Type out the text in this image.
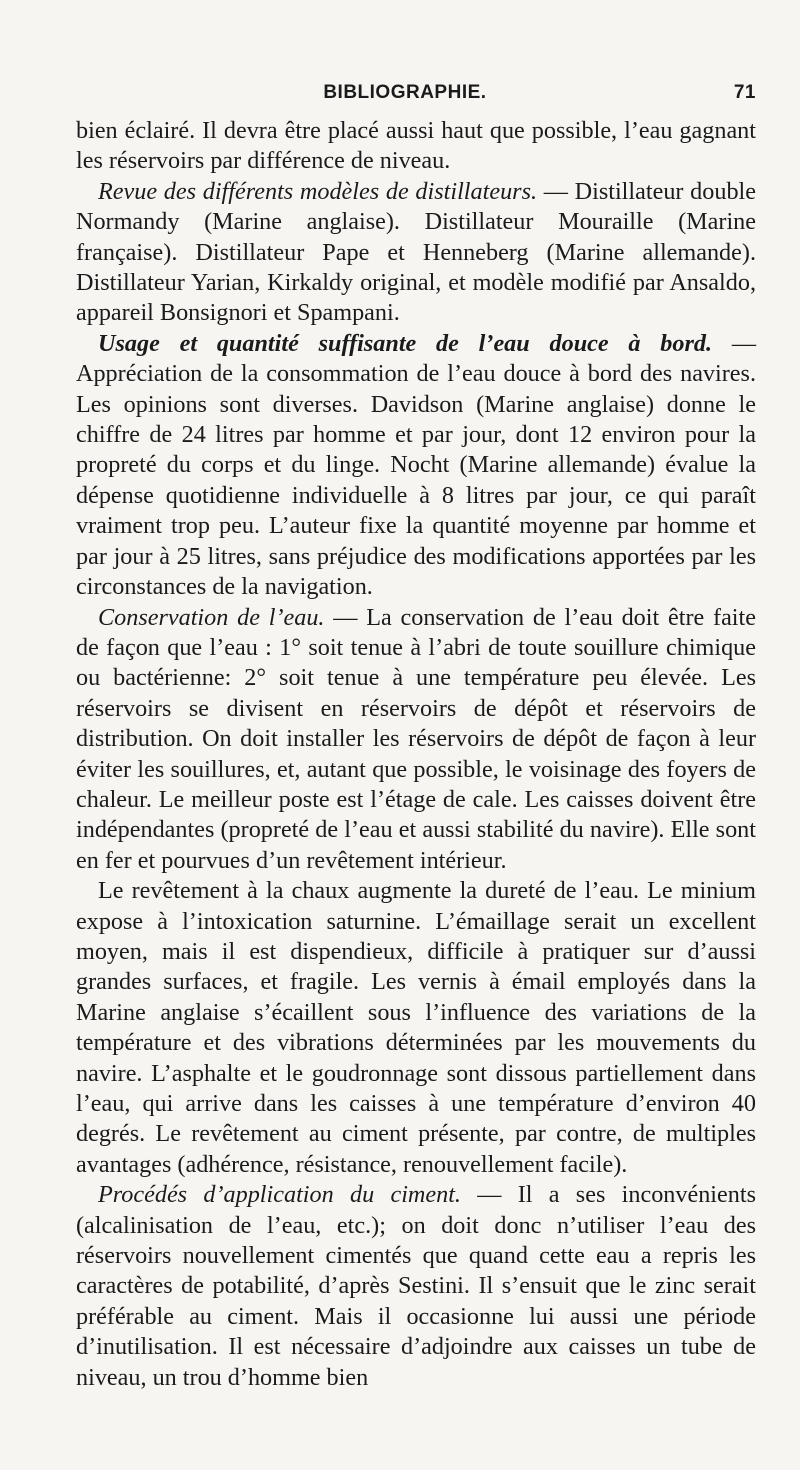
BIBLIOGRAPHIE.	71

bien éclairé. Il devra être placé aussi haut que possible, l’eau gagnant les réservoirs par différence de niveau.

Revue des différents modèles de distillateurs. — Distillateur double Normandy (Marine anglaise). Distillateur Mouraille (Marine française). Distillateur Pape et Henneberg (Marine allemande). Distillateur Yarian, Kirkaldy original, et modèle modifié par Ansaldo, appareil Bonsignori et Spampani.

Usage et quantité suffisante de l’eau douce à bord. — Appréciation de la consommation de l’eau douce à bord des navires. Les opinions sont diverses. Davidson (Marine anglaise) donne le chiffre de 24 litres par homme et par jour, dont 12 environ pour la propreté du corps et du linge. Nocht (Marine allemande) évalue la dépense quotidienne individuelle à 8 litres par jour, ce qui paraît vraiment trop peu. L’auteur fixe la quantité moyenne par homme et par jour à 25 litres, sans préjudice des modifications apportées par les circonstances de la navigation.

Conservation de l’eau. — La conservation de l’eau doit être faite de façon que l’eau : 1° soit tenue à l’abri de toute souillure chimique ou bactérienne: 2° soit tenue à une température peu élevée. Les réservoirs se divisent en réservoirs de dépôt et réservoirs de distribution. On doit installer les réservoirs de dépôt de façon à leur éviter les souillures, et, autant que possible, le voisinage des foyers de chaleur. Le meilleur poste est l’étage de cale. Les caisses doivent être indépendantes (propreté de l’eau et aussi stabilité du navire). Elle sont en fer et pourvues d’un revêtement intérieur.

Le revêtement à la chaux augmente la dureté de l’eau. Le minium expose à l’intoxication saturnine. L’émaillage serait un excellent moyen, mais il est dispendieux, difficile à pratiquer sur d’aussi grandes surfaces, et fragile. Les vernis à émail employés dans la Marine anglaise s’écaillent sous l’influence des variations de la température et des vibrations déterminées par les mouvements du navire. L’asphalte et le goudronnage sont dissous partiellement dans l’eau, qui arrive dans les caisses à une température d’environ 40 degrés. Le revêtement au ciment présente, par contre, de multiples avantages (adhérence, résistance, renouvellement facile).

Procédés d’application du ciment. — Il a ses inconvénients (alcalinisation de l’eau, etc.); on doit donc n’utiliser l’eau des réservoirs nouvellement cimentés que quand cette eau a repris les caractères de potabilité, d’après Sestini. Il s’ensuit que le zinc serait préférable au ciment. Mais il occasionne lui aussi une période d’inutilisation. Il est nécessaire d’adjoindre aux caisses un tube de niveau, un trou d’homme bien
